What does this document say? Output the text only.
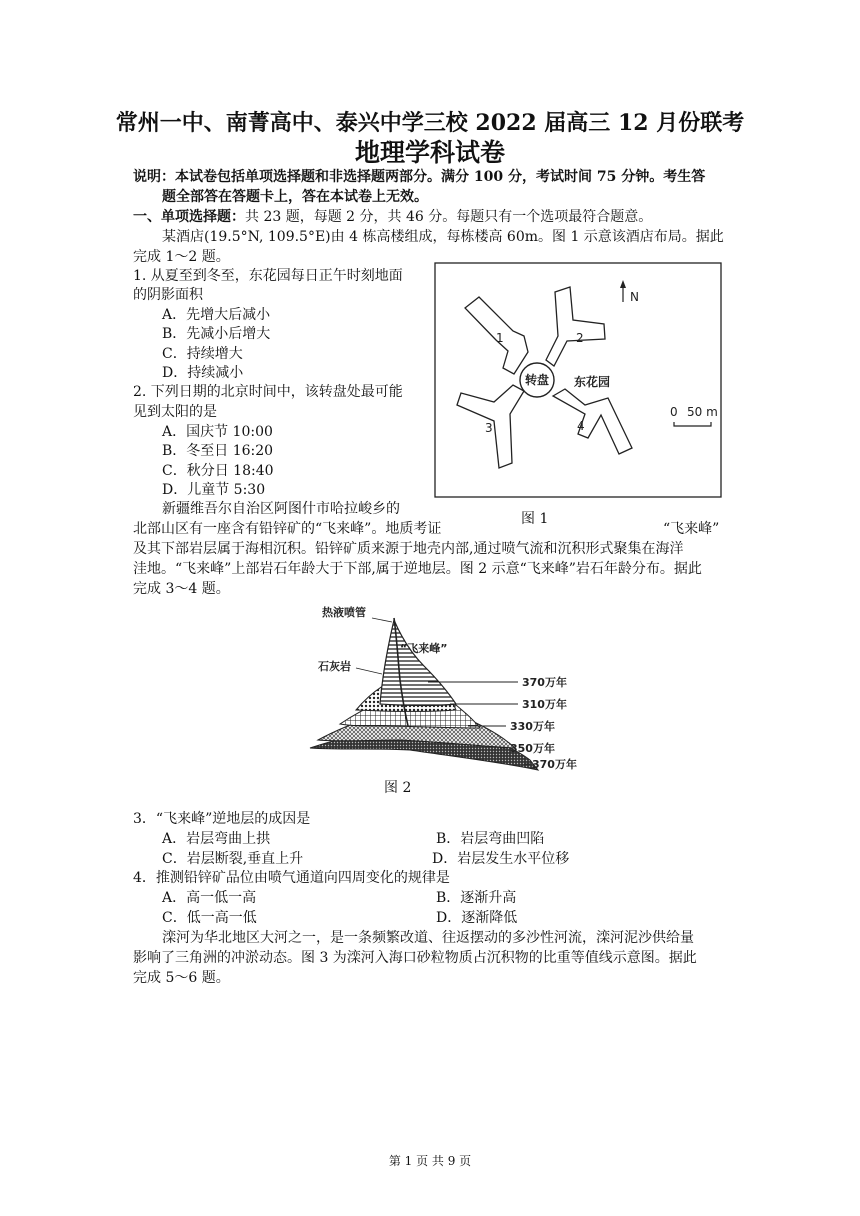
常州一中、南菁高中、泰兴中学三校 2022 届高三 12 月份联考
地理学科试卷
说明：本试卷包括单项选择题和非选择题两部分。满分 100 分，考试时间 75 分钟。考生答
题全部答在答题卡上，答在本试卷上无效。
一、单项选择题：共 23 题，每题 2 分，共 46 分。每题只有一个选项最符合题意。
某酒店(19.5°N, 109.5°E)由 4 栋高楼组成，每栋楼高 60m。图 1 示意该酒店布局。据此
完成 1～2 题。
1. 从夏至到冬至，东花园每日正午时刻地面
的阴影面积
A．先增大后减小
B．先减小后增大
C．持续增大
D．持续减小
2. 下列日期的北京时间中，该转盘处最可能
见到太阳的是
A．国庆节 10:00
B．冬至日 16:20
C．秋分日 18:40
D．儿童节 5:30
N
1	2
3	4
转盘 东花园
0 50 m
图 1
新疆维吾尔自治区阿图什市哈拉峻乡的
北部山区有一座含有铅锌矿的“飞来峰”。地质考证	“飞来峰”
及其下部岩层属于海相沉积。铅锌矿质来源于地壳内部,通过喷气流和沉积形式聚集在海洋
洼地。“飞来峰”上部岩石年龄大于下部,属于逆地层。图 2 示意“飞来峰”岩石年龄分布。据此
完成 3～4 题。
热液喷管
“飞来峰”
石灰岩
370万年
310万年
330万年
350万年
370万年
图 2
3．“飞来峰”逆地层的成因是
A．岩层弯曲上拱	B．岩层弯曲凹陷
C．岩层断裂,垂直上升	D．岩层发生水平位移
4．推测铅锌矿品位由喷气通道向四周变化的规律是
A．高一低一高	B．逐渐升高
C．低一高一低	D．逐渐降低
滦河为华北地区大河之一，是一条频繁改道、往返摆动的多沙性河流，滦河泥沙供给量
影响了三角洲的冲淤动态。图 3 为滦河入海口砂粒物质占沉积物的比重等值线示意图。据此
完成 5～6 题。
第 1 页 共 9 页
